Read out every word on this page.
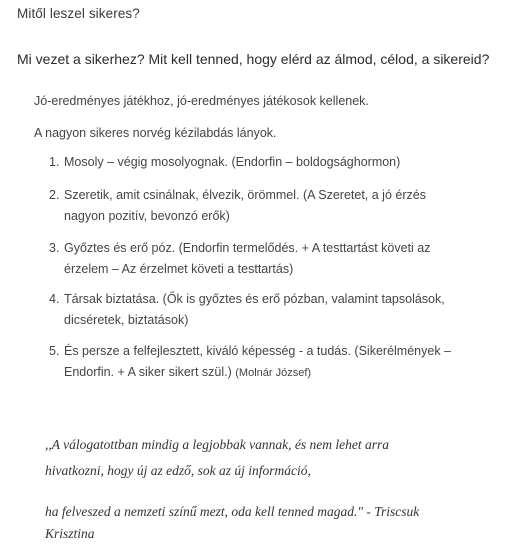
Mitől leszel sikeres?
Mi vezet a sikerhez? Mit kell tenned, hogy elérd az álmod, célod, a sikereid?
Jó-eredményes játékhoz, jó-eredményes játékosok kellenek.
A nagyon sikeres norvég kézilabdás lányok.
1. Mosoly – végig mosolyognak. (Endorfin – boldogsághormon)
2. Szeretik, amit csinálnak, élvezik, örömmel. (A Szeretet, a jó érzés
nagyon pozitív, bevonzó erők)
3. Győztes és erő póz. (Endorfin termelődés. + A testtartást követi az
érzelem – Az érzelmet követi a testtartás)
4. Társak biztatása. (Ők is győztes és erő pózban, valamint tapsolások,
dicséretek, biztatások)
5. És persze a felfejlesztett, kiváló képesség - a tudás. (Sikerélmények –
Endorfin. + A siker sikert szül.) (Molnár József)
,,A válogatottban mindig a legjobbak vannak, és nem lehet arra
hivatkozni, hogy új az edző, sok az új információ,
ha felveszed a nemzeti színű mezt, oda kell tenned magad." - Triscsuk
Krisztina
